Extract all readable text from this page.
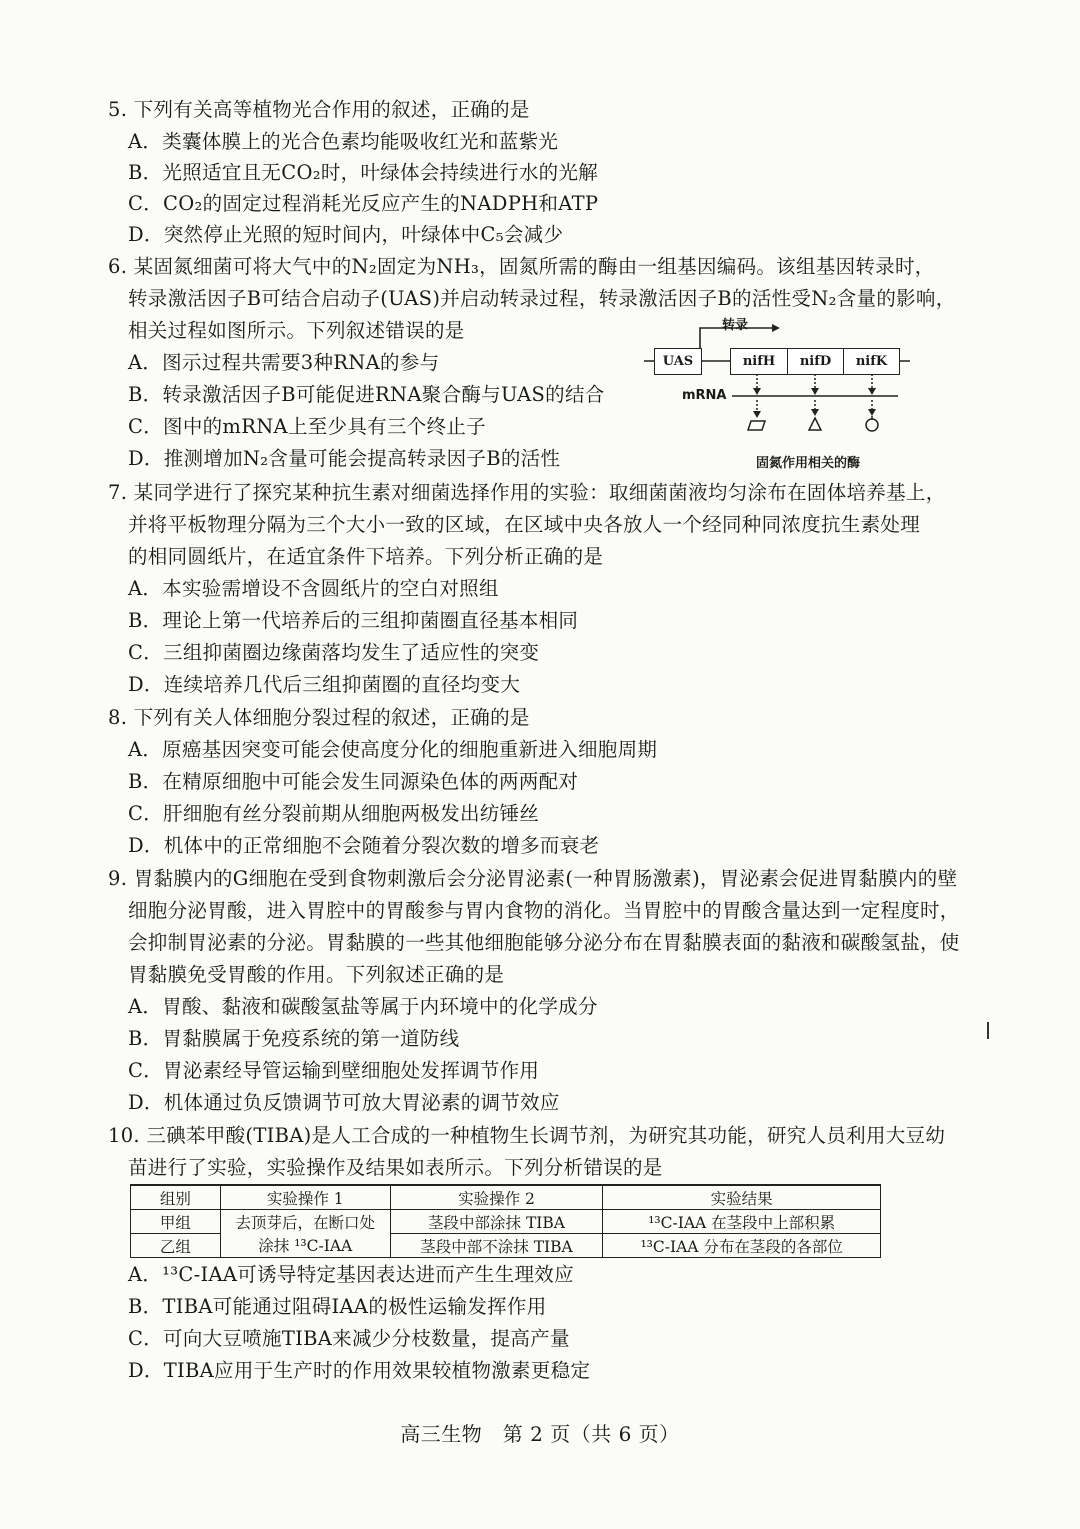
5. 下列有关高等植物光合作用的叙述，正确的是
A．类囊体膜上的光合色素均能吸收红光和蓝紫光
B．光照适宜且无CO₂时，叶绿体会持续进行水的光解
C．CO₂的固定过程消耗光反应产生的NADPH和ATP
D．突然停止光照的短时间内，叶绿体中C₅会减少
6. 某固氮细菌可将大气中的N₂固定为NH₃，固氮所需的酶由一组基因编码。该组基因转录时，
转录激活因子B可结合启动子(UAS)并启动转录过程，转录激活因子B的活性受N₂含量的影响，
相关过程如图所示。下列叙述错误的是
A．图示过程共需要3种RNA的参与
B．转录激活因子B可能促进RNA聚合酶与UAS的结合
C．图中的mRNA上至少具有三个终止子
D．推测增加N₂含量可能会提高转录因子B的活性
转录
UAS	nifH	nifD	nifK
mRNA
固氮作用相关的酶
7. 某同学进行了探究某种抗生素对细菌选择作用的实验：取细菌菌液均匀涂布在固体培养基上，
并将平板物理分隔为三个大小一致的区域，在区域中央各放人一个经同种同浓度抗生素处理
的相同圆纸片，在适宜条件下培养。下列分析正确的是
A．本实验需增设不含圆纸片的空白对照组
B．理论上第一代培养后的三组抑菌圈直径基本相同
C．三组抑菌圈边缘菌落均发生了适应性的突变
D．连续培养几代后三组抑菌圈的直径均变大
8. 下列有关人体细胞分裂过程的叙述，正确的是
A．原癌基因突变可能会使高度分化的细胞重新进入细胞周期
B．在精原细胞中可能会发生同源染色体的两两配对
C．肝细胞有丝分裂前期从细胞两极发出纺锤丝
D．机体中的正常细胞不会随着分裂次数的增多而衰老
9. 胃黏膜内的G细胞在受到食物刺激后会分泌胃泌素(一种胃肠激素)，胃泌素会促进胃黏膜内的壁
细胞分泌胃酸，进入胃腔中的胃酸参与胃内食物的消化。当胃腔中的胃酸含量达到一定程度时，
会抑制胃泌素的分泌。胃黏膜的一些其他细胞能够分泌分布在胃黏膜表面的黏液和碳酸氢盐，使
胃黏膜免受胃酸的作用。下列叙述正确的是
A．胃酸、黏液和碳酸氢盐等属于内环境中的化学成分
B．胃黏膜属于免疫系统的第一道防线
C．胃泌素经导管运输到壁细胞处发挥调节作用
D．机体通过负反馈调节可放大胃泌素的调节效应
10. 三碘苯甲酸(TIBA)是人工合成的一种植物生长调节剂，为研究其功能，研究人员利用大豆幼
苗进行了实验，实验操作及结果如表所示。下列分析错误的是
组别	实验操作 1	实验操作 2	实验结果
甲组	去顶芽后，在断口处	茎段中部涂抹 TIBA	¹³C-IAA 在茎段中上部积累
乙组	涂抹 ¹³C-IAA	茎段中部不涂抹 TIBA	¹³C-IAA 分布在茎段的各部位
A．¹³C-IAA可诱导特定基因表达进而产生生理效应
B．TIBA可能通过阻碍IAA的极性运输发挥作用
C．可向大豆喷施TIBA来减少分枝数量，提高产量
D．TIBA应用于生产时的作用效果较植物激素更稳定
高三生物　第 2 页（共 6 页）
